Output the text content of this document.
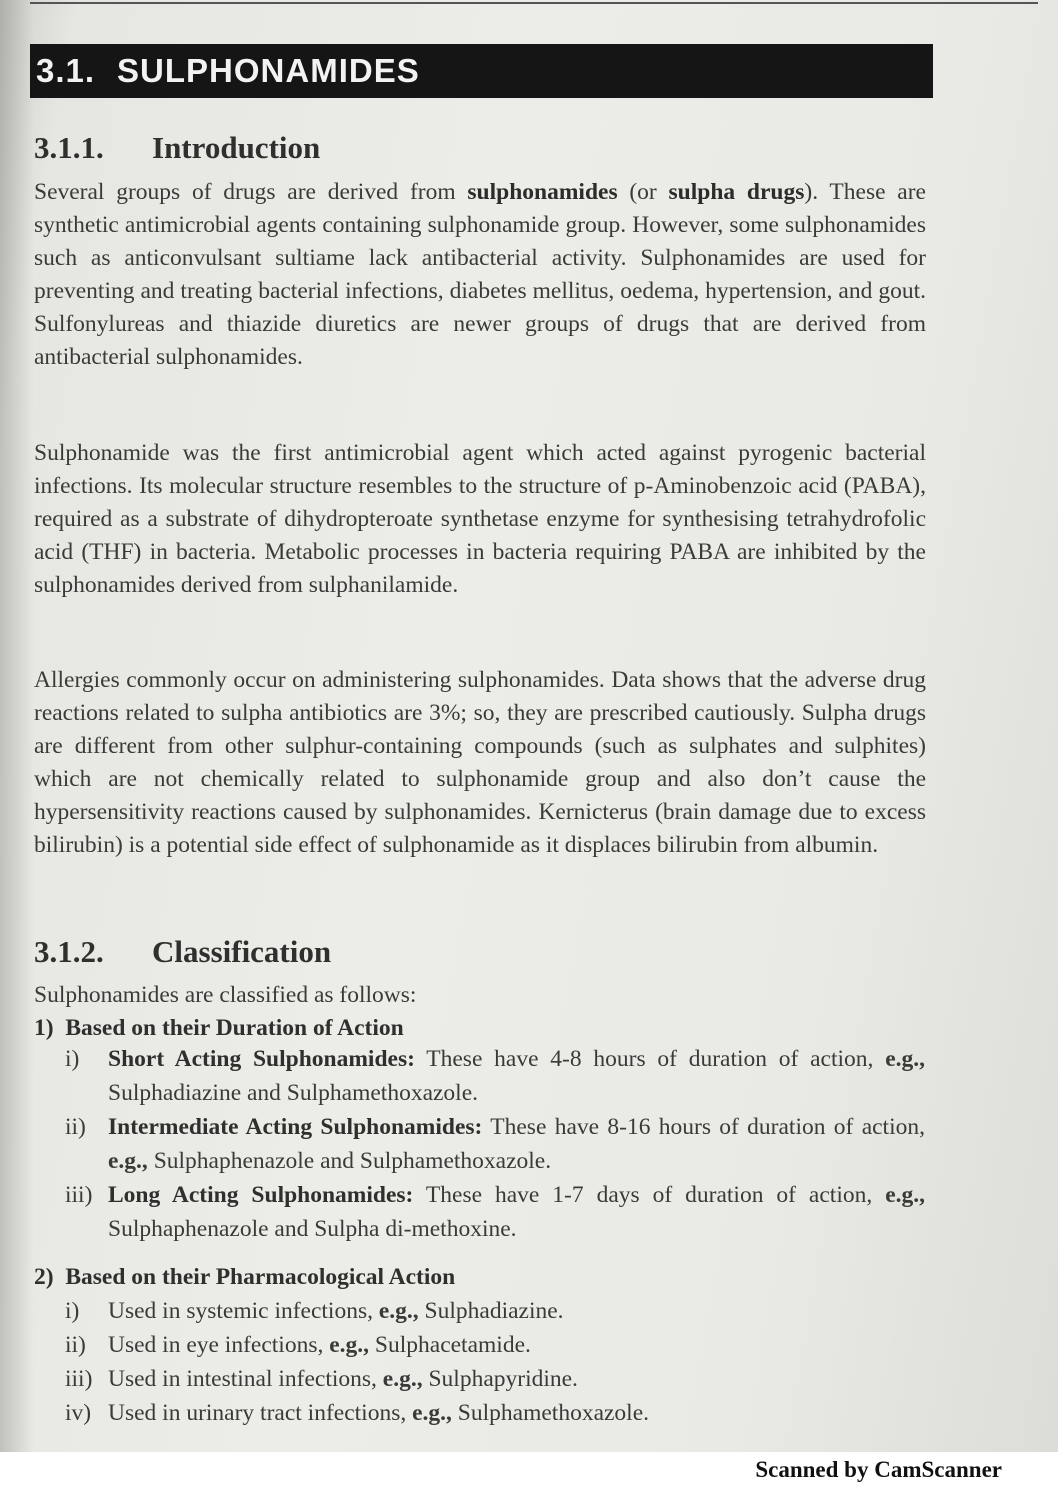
3.1. SULPHONAMIDES
3.1.1. Introduction
Several groups of drugs are derived from sulphonamides (or sulpha drugs). These are synthetic antimicrobial agents containing sulphonamide group. However, some sulphonamides such as anticonvulsant sultiame lack antibacterial activity. Sulphonamides are used for preventing and treating bacterial infections, diabetes mellitus, oedema, hypertension, and gout. Sulfonylureas and thiazide diuretics are newer groups of drugs that are derived from antibacterial sulphonamides.
Sulphonamide was the first antimicrobial agent which acted against pyrogenic bacterial infections. Its molecular structure resembles to the structure of p-Aminobenzoic acid (PABA), required as a substrate of dihydropteroate synthetase enzyme for synthesising tetrahydrofolic acid (THF) in bacteria. Metabolic processes in bacteria requiring PABA are inhibited by the sulphonamides derived from sulphanilamide.
Allergies commonly occur on administering sulphonamides. Data shows that the adverse drug reactions related to sulpha antibiotics are 3%; so, they are prescribed cautiously. Sulpha drugs are different from other sulphur-containing compounds (such as sulphates and sulphites) which are not chemically related to sulphonamide group and also don’t cause the hypersensitivity reactions caused by sulphonamides. Kernicterus (brain damage due to excess bilirubin) is a potential side effect of sulphonamide as it displaces bilirubin from albumin.
3.1.2. Classification
Sulphonamides are classified as follows:
1) Based on their Duration of Action
i)	Short Acting Sulphonamides: These have 4-8 hours of duration of action, e.g., Sulphadiazine and Sulphamethoxazole.
ii) Intermediate Acting Sulphonamides: These have 8-16 hours of duration of action, e.g., Sulphaphenazole and Sulphamethoxazole.
iii) Long Acting Sulphonamides: These have 1-7 days of duration of action, e.g., Sulphaphenazole and Sulpha di-methoxine.
2) Based on their Pharmacological Action
i)	Used in systemic infections, e.g., Sulphadiazine.
ii) Used in eye infections, e.g., Sulphacetamide.
iii) Used in intestinal infections, e.g., Sulphapyridine.
iv) Used in urinary tract infections, e.g., Sulphamethoxazole.
Scanned by CamScanner
